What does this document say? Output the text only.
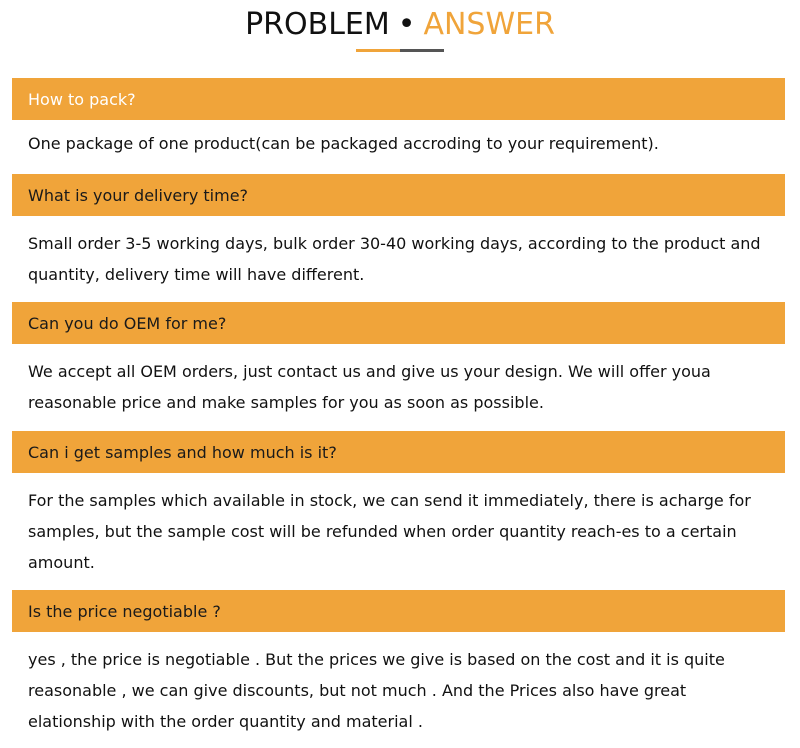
PROBLEM • ANSWER
How to pack?
One package of one product(can be packaged accroding to your requirement).
What is your delivery time?
Small order 3-5 working days, bulk order 30-40 working days, according to the product and quantity, delivery time will have different.
Can you do OEM for me?
We accept all OEM orders, just contact us and give us your design. We will offer youa reasonable price and make samples for you as soon as possible.
Can i get samples and how much is it?
For the samples which available in stock, we can send it immediately, there is acharge for samples, but the sample cost will be refunded when order quantity reach-es to a certain amount.
Is the price negotiable ?
yes , the price is negotiable . But the prices we give is based on the cost and it is quite reasonable , we can give discounts, but not much . And the Prices also have great elationship with the order quantity and material .
